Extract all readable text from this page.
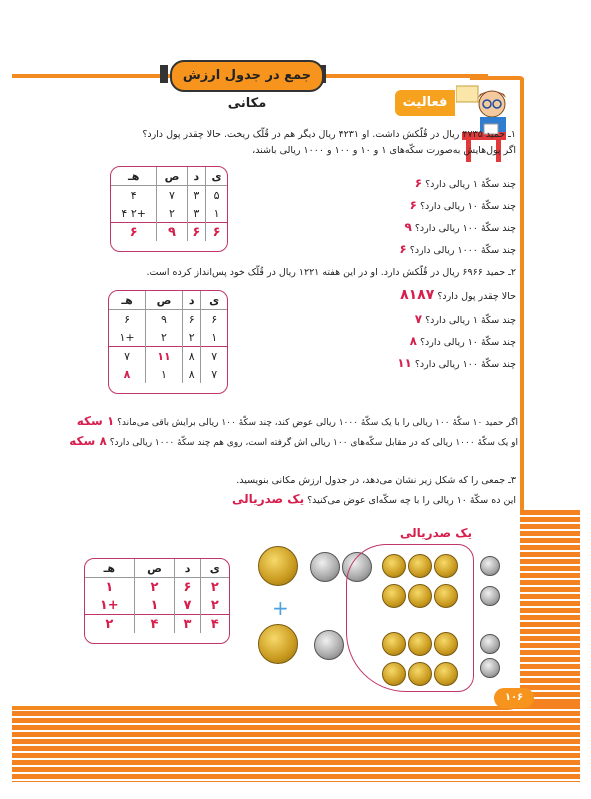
جمع در جدول ارزش مکانی	فعالیت
۱ـ حمید ۴۷۳۵ ریال در قُلّکش داشت. او ۴۲۳۱ ریال دیگر هم در قُلّک ریخت. حالا چقدر پول دارد؟
اگر پول‌هایش به‌صورت سکّه‌های ۱ و ۱۰ و ۱۰۰ و ۱۰۰۰ ریالی باشند،
ی	د	ص	هـ
۵	۳	۷	۴
۱	۳	۲	+۲ ۴
۶	۶	۹	۶
چند سکّهٔ ۱ ریالی دارد؟ ۶
چند سکّهٔ ۱۰ ریالی دارد؟ ۶
چند سکّهٔ ۱۰۰ ریالی دارد؟ ۹
چند سکّهٔ ۱۰۰۰ ریالی دارد؟ ۶
۲ـ حمید ۶۹۶۶ ریال در قُلّکش دارد. او در این هفته ۱۲۲۱ ریال در قُلّک خود پس‌انداز کرده است.
حالا چقدر پول دارد؟ ۸۱۸۷
ی	د	ص	هـ
۶	۶	۹	۶
۱	۲	۲	+۱
۷	۸	۱۱	۷
۷	۸	۱	۸
چند سکّهٔ ۱ ریالی دارد؟ ۷
چند سکّهٔ ۱۰ ریالی دارد؟ ۸
چند سکّهٔ ۱۰۰ ریالی دارد؟ ۱۱
اگر حمید ۱۰ سکّهٔ ۱۰۰ ریالی را با یک سکّهٔ ۱۰۰۰ ریالی عوض کند، چند سکّهٔ ۱۰۰ ریالی برایش باقی می‌ماند؟ ۱ سکه
او یک سکّهٔ ۱۰۰۰ ریالی که در مقابل سکّه‌های ۱۰۰ ریالی اش گرفته است، روی هم چند سکّهٔ ۱۰۰۰ ریالی دارد؟ ۸ سکه
۳ـ جمعی را که شکل زیر نشان می‌دهد، در جدول ارزش مکانی بنویسید.
این ده سکّهٔ ۱۰ ریالی را با چه سکّه‌ای عوض می‌کنید؟ یک صدریالی
۱۰۶
ی	د	ص	هـ
۲	۶	۲	۱
۲	۷	۱	+۱
۴	۳	۴	۲
یک صدریالی
+
